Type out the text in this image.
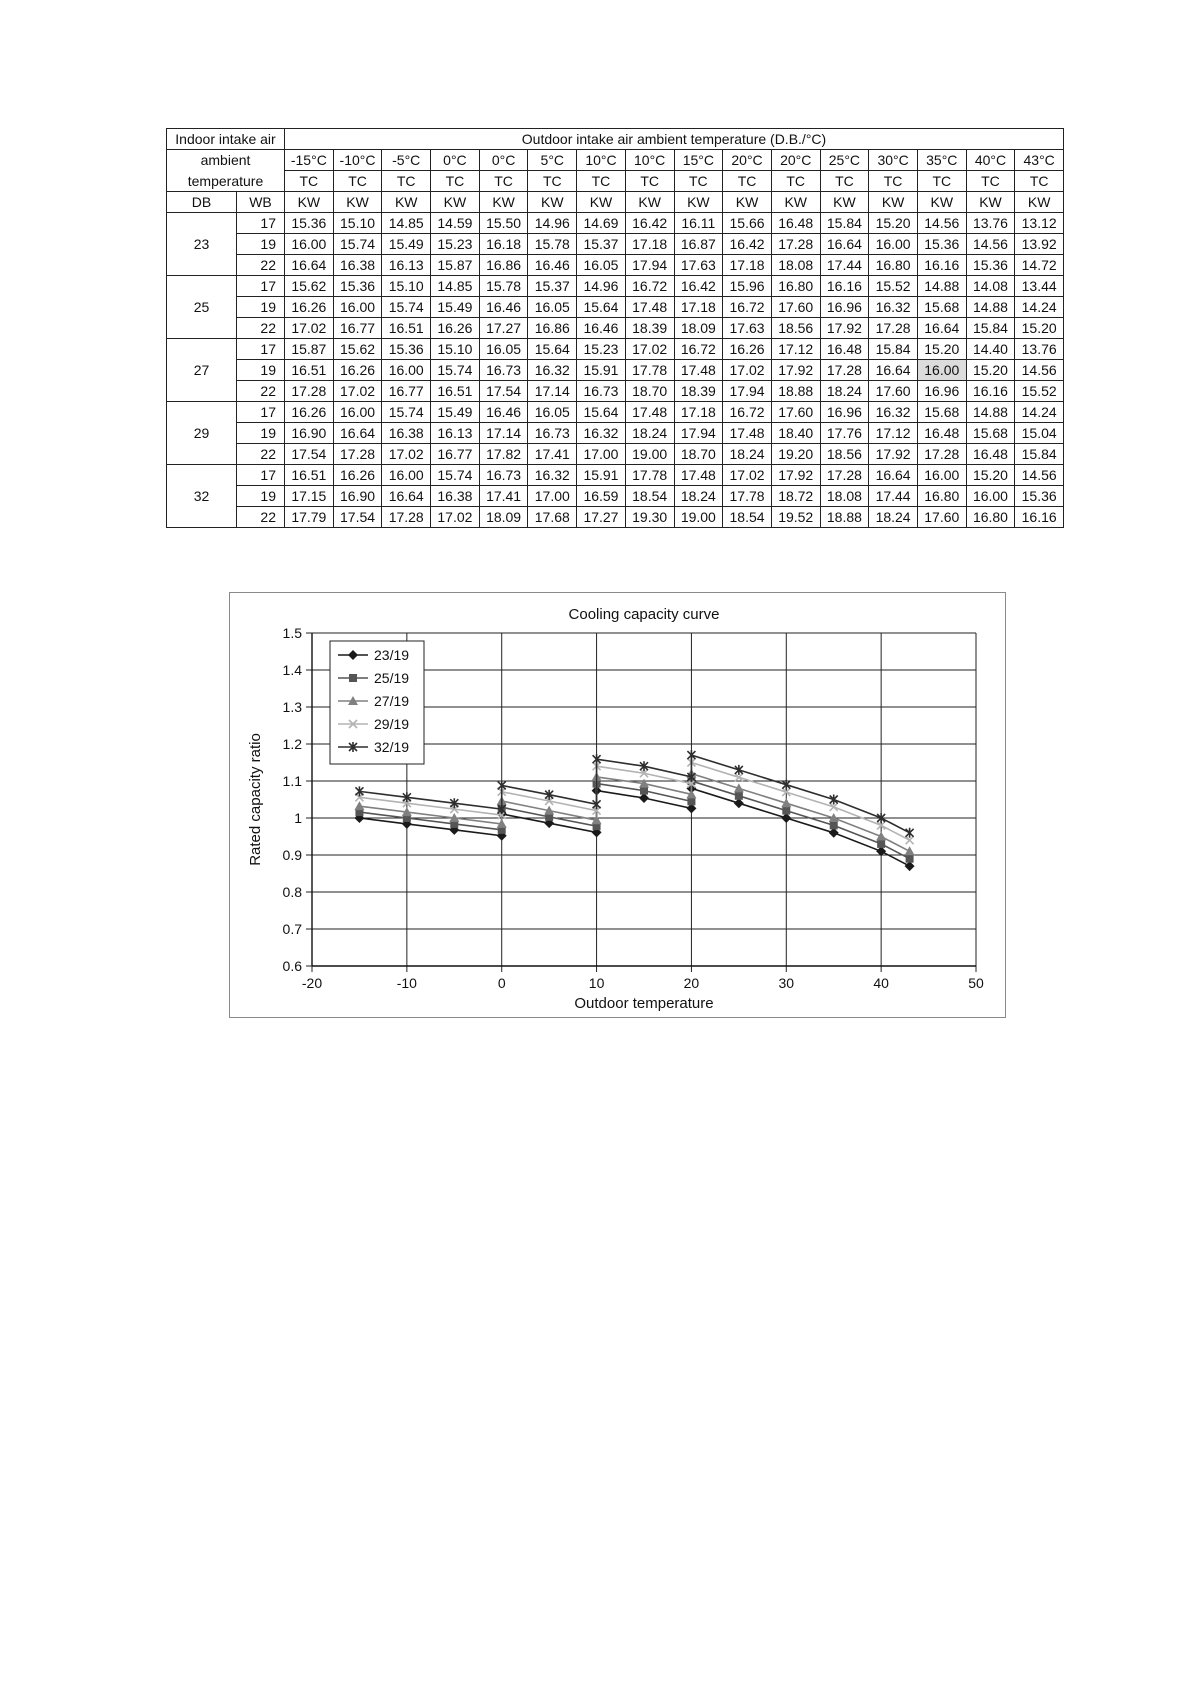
Indoor intake air		Outdoor intake air ambient temperature (D.B./°C)															
ambient		-15°C	-10°C	-5°C	0°C	0°C	5°C	10°C	10°C	15°C	20°C	20°C	25°C	30°C	35°C	40°C	43°C
temperature		TC	TC	TC	TC	TC	TC	TC	TC	TC	TC	TC	TC	TC	TC	TC	TC
DB	WB	KW	KW	KW	KW	KW	KW	KW	KW	KW	KW	KW	KW	KW	KW	KW	KW
23	17	15.36	15.10	14.85	14.59	15.50	14.96	14.69	16.42	16.11	15.66	16.48	15.84	15.20	14.56	13.76	13.12
	19	16.00	15.74	15.49	15.23	16.18	15.78	15.37	17.18	16.87	16.42	17.28	16.64	16.00	15.36	14.56	13.92
	22	16.64	16.38	16.13	15.87	16.86	16.46	16.05	17.94	17.63	17.18	18.08	17.44	16.80	16.16	15.36	14.72
25	17	15.62	15.36	15.10	14.85	15.78	15.37	14.96	16.72	16.42	15.96	16.80	16.16	15.52	14.88	14.08	13.44
	19	16.26	16.00	15.74	15.49	16.46	16.05	15.64	17.48	17.18	16.72	17.60	16.96	16.32	15.68	14.88	14.24
	22	17.02	16.77	16.51	16.26	17.27	16.86	16.46	18.39	18.09	17.63	18.56	17.92	17.28	16.64	15.84	15.20
27	17	15.87	15.62	15.36	15.10	16.05	15.64	15.23	17.02	16.72	16.26	17.12	16.48	15.84	15.20	14.40	13.76
	19	16.51	16.26	16.00	15.74	16.73	16.32	15.91	17.78	17.48	17.02	17.92	17.28	16.64	16.00	15.20	14.56
	22	17.28	17.02	16.77	16.51	17.54	17.14	16.73	18.70	18.39	17.94	18.88	18.24	17.60	16.96	16.16	15.52
29	17	16.26	16.00	15.74	15.49	16.46	16.05	15.64	17.48	17.18	16.72	17.60	16.96	16.32	15.68	14.88	14.24
	19	16.90	16.64	16.38	16.13	17.14	16.73	16.32	18.24	17.94	17.48	18.40	17.76	17.12	16.48	15.68	15.04
	22	17.54	17.28	17.02	16.77	17.82	17.41	17.00	19.00	18.70	18.24	19.20	18.56	17.92	17.28	16.48	15.84
32	17	16.51	16.26	16.00	15.74	16.73	16.32	15.91	17.78	17.48	17.02	17.92	17.28	16.64	16.00	15.20	14.56
	19	17.15	16.90	16.64	16.38	17.41	17.00	16.59	18.54	18.24	17.78	18.72	18.08	17.44	16.80	16.00	15.36
	22	17.79	17.54	17.28	17.02	18.09	17.68	17.27	19.30	19.00	18.54	19.52	18.88	18.24	17.60	16.80	16.16
Cooling capacity curve
0.6
0.7
0.8
0.9
1
1.1
1.2
1.3
1.4
1.5
-20	-10	0	10	20	30	40	50
Outdoor temperature
Rated capacity ratio
23/19
25/19
27/19
29/19
32/19
